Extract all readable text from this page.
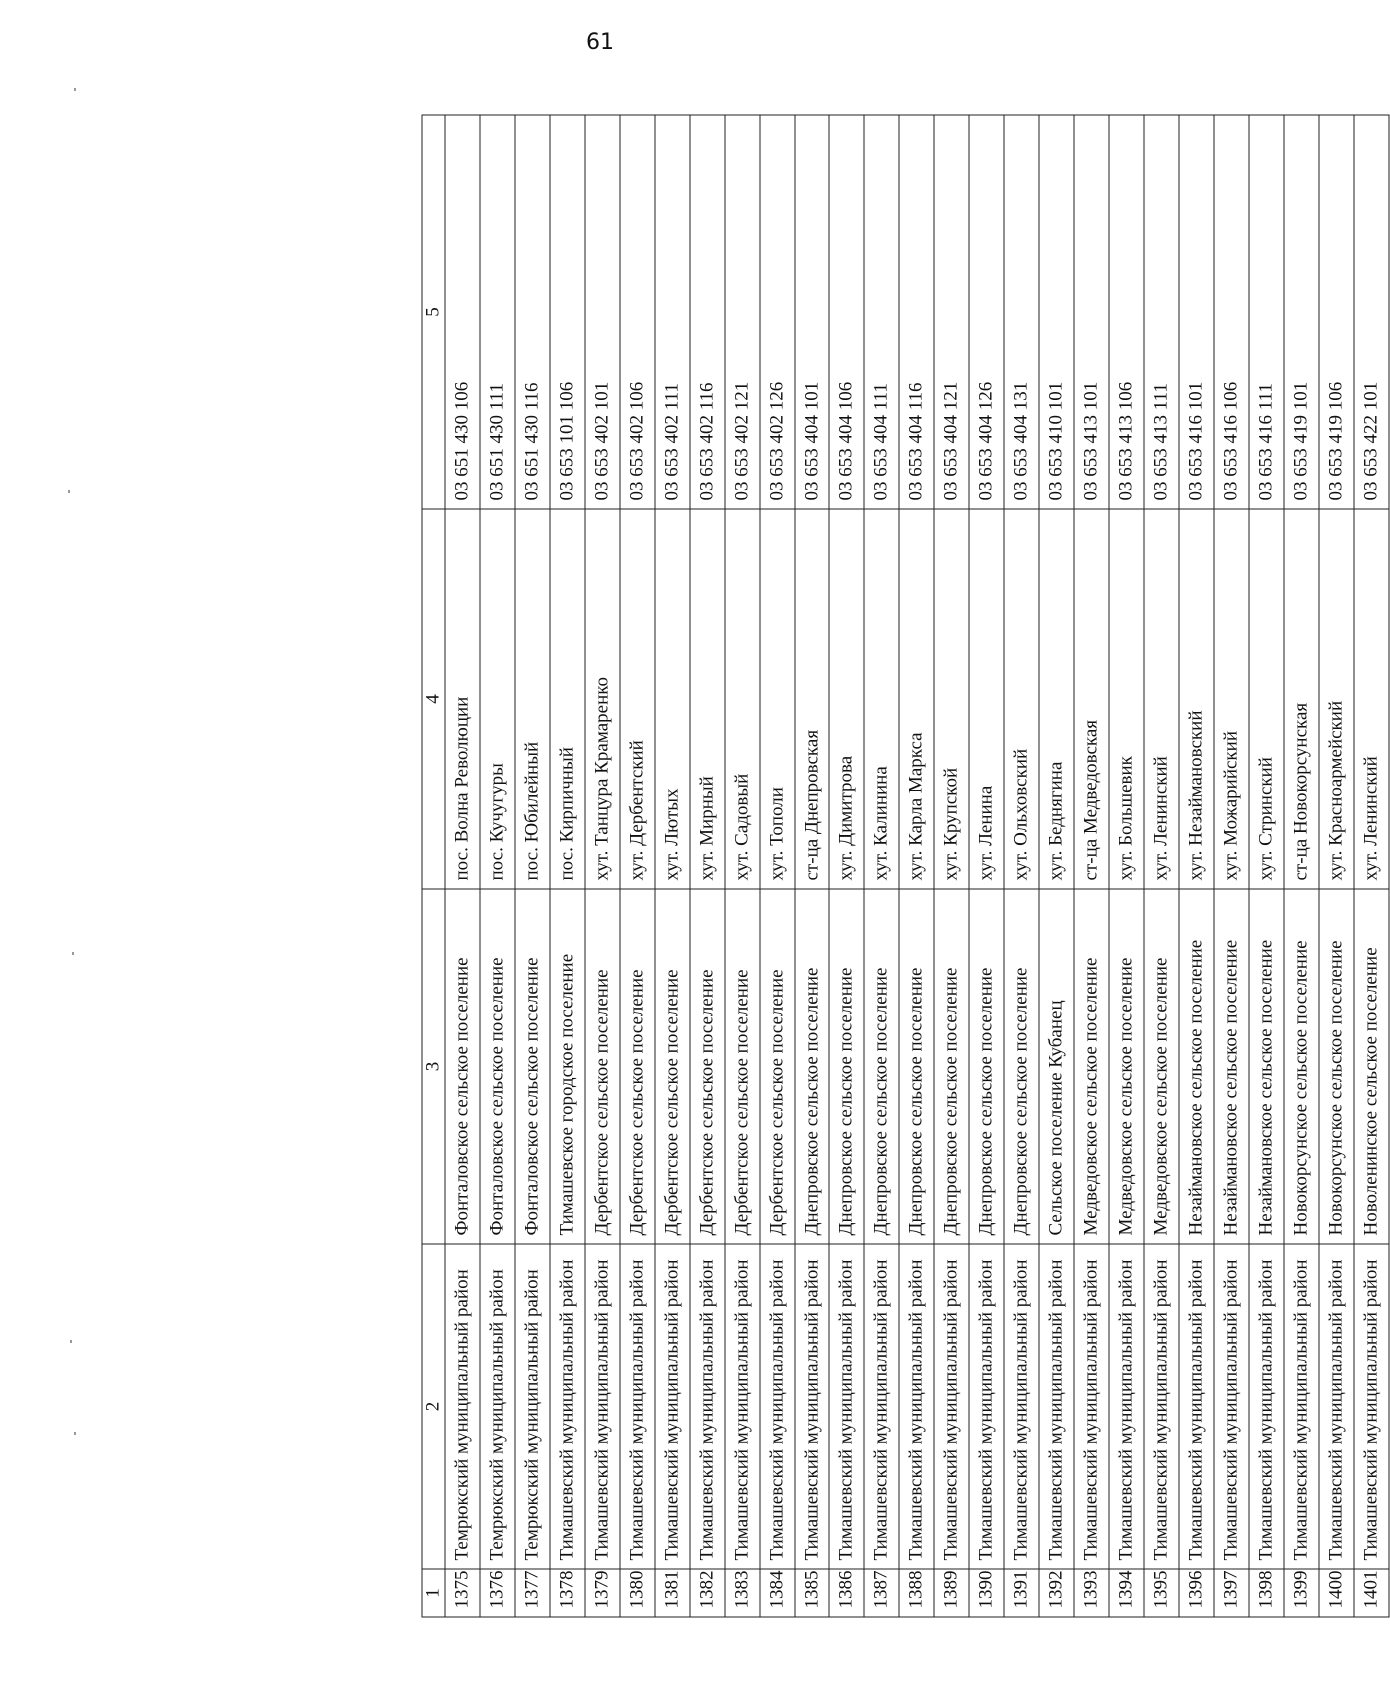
61
1	2	3	4	5
1375	Темрюкский муниципальный район	Фонталовское сельское поселение	пос. Волна Революции	03 651 430 106
1376	Темрюкский муниципальный район	Фонталовское сельское поселение	пос. Кучугуры	03 651 430 111
1377	Темрюкский муниципальный район	Фонталовское сельское поселение	пос. Юбилейный	03 651 430 116
1378	Тимашевский муниципальный район	Тимашевское городское поселение	пос. Кирпичный	03 653 101 106
1379	Тимашевский муниципальный район	Дербентское сельское поселение	хут. Танцура Крамаренко	03 653 402 101
1380	Тимашевский муниципальный район	Дербентское сельское поселение	хут. Дербентский	03 653 402 106
1381	Тимашевский муниципальный район	Дербентское сельское поселение	хут. Лютых	03 653 402 111
1382	Тимашевский муниципальный район	Дербентское сельское поселение	хут. Мирный	03 653 402 116
1383	Тимашевский муниципальный район	Дербентское сельское поселение	хут. Садовый	03 653 402 121
1384	Тимашевский муниципальный район	Дербентское сельское поселение	хут. Тополи	03 653 402 126
1385	Тимашевский муниципальный район	Днепровское сельское поселение	ст-ца Днепровская	03 653 404 101
1386	Тимашевский муниципальный район	Днепровское сельское поселение	хут. Димитрова	03 653 404 106
1387	Тимашевский муниципальный район	Днепровское сельское поселение	хут. Калинина	03 653 404 111
1388	Тимашевский муниципальный район	Днепровское сельское поселение	хут. Карла Маркса	03 653 404 116
1389	Тимашевский муниципальный район	Днепровское сельское поселение	хут. Крупской	03 653 404 121
1390	Тимашевский муниципальный район	Днепровское сельское поселение	хут. Ленина	03 653 404 126
1391	Тимашевский муниципальный район	Днепровское сельское поселение	хут. Ольховский	03 653 404 131
1392	Тимашевский муниципальный район	Сельское поселение Кубанец	хут. Беднягина	03 653 410 101
1393	Тимашевский муниципальный район	Медведовское сельское поселение	ст-ца Медведовская	03 653 413 101
1394	Тимашевский муниципальный район	Медведовское сельское поселение	хут. Большевик	03 653 413 106
1395	Тимашевский муниципальный район	Медведовское сельское поселение	хут. Ленинский	03 653 413 111
1396	Тимашевский муниципальный район	Незаймановское сельское поселение	хут. Незаймановский	03 653 416 101
1397	Тимашевский муниципальный район	Незаймановское сельское поселение	хут. Можарийский	03 653 416 106
1398	Тимашевский муниципальный район	Незаймановское сельское поселение	хут. Стринский	03 653 416 111
1399	Тимашевский муниципальный район	Новокорсунское сельское поселение	ст-ца Новокорсунская	03 653 419 101
1400	Тимашевский муниципальный район	Новокорсунское сельское поселение	хут. Красноармейский	03 653 419 106
1401	Тимашевский муниципальный район	Новоленинское сельское поселение	хут. Ленинский	03 653 422 101
